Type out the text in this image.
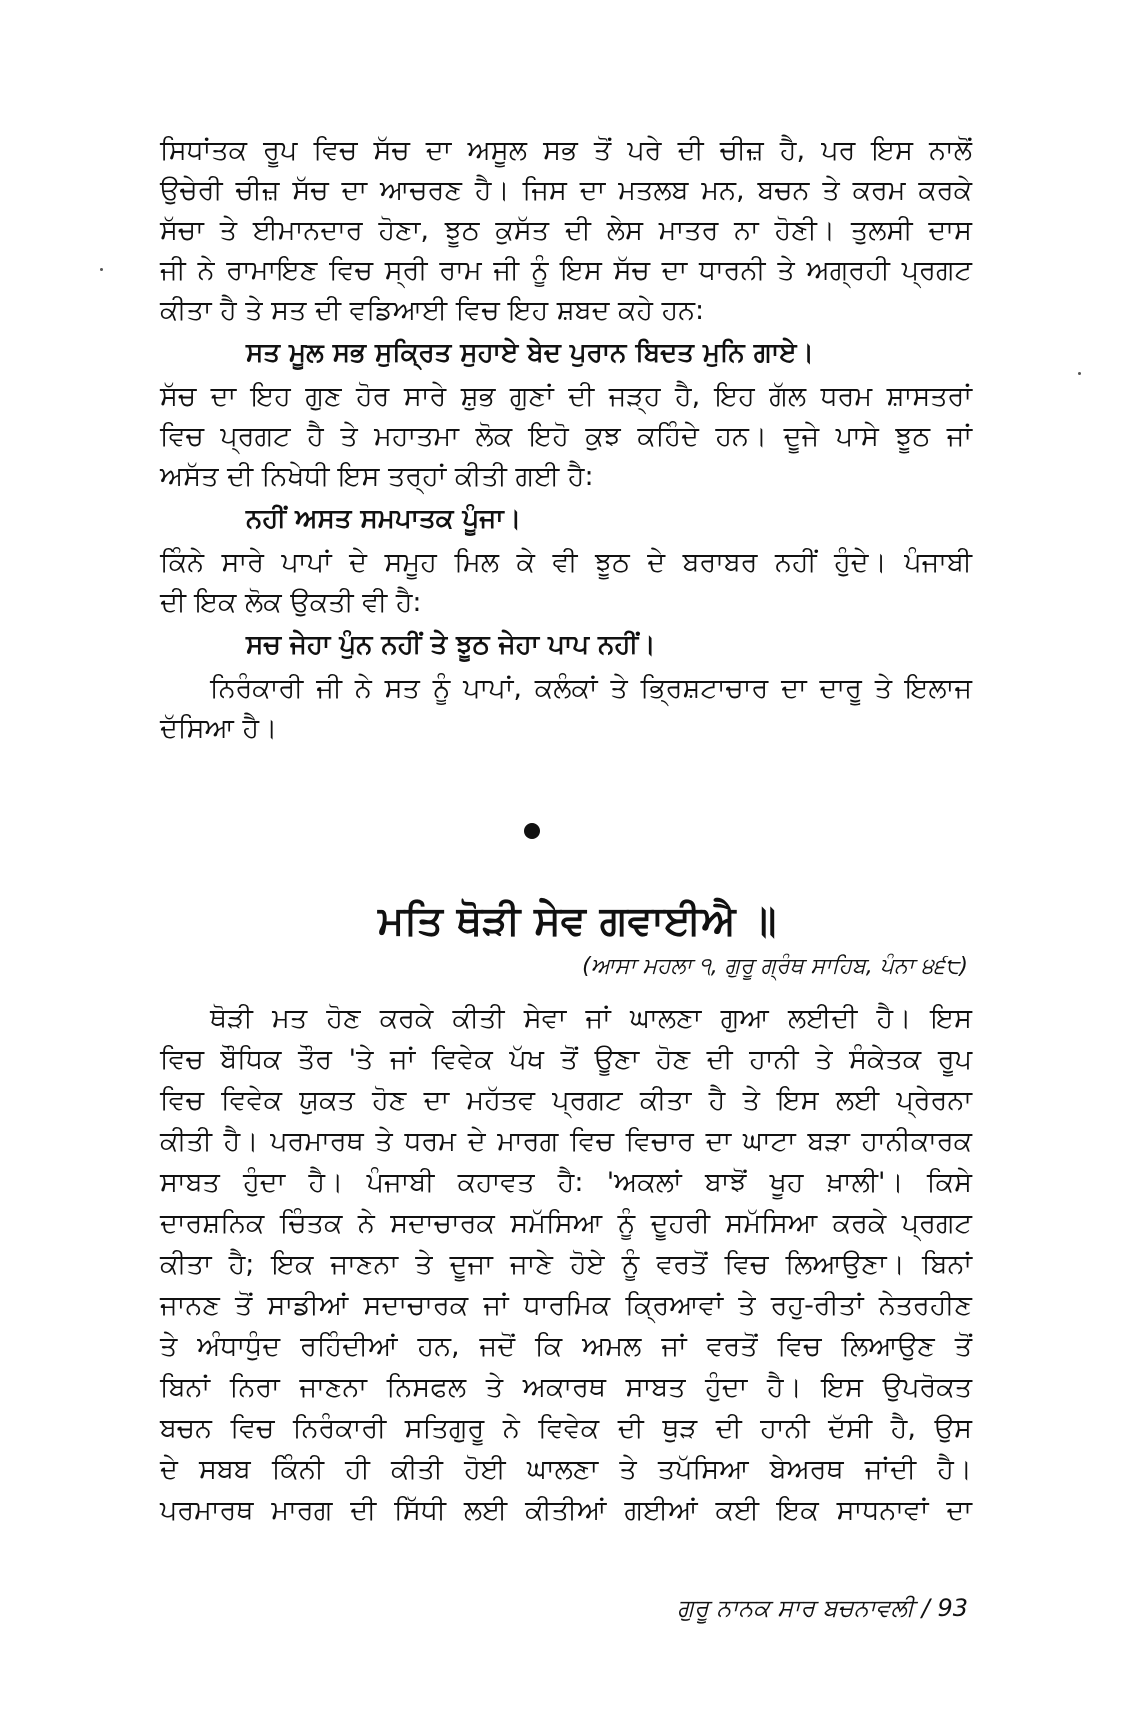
ਸਿਧਾਂਤਕ ਰੂਪ ਵਿਚ ਸੱਚ ਦਾ ਅਸੂਲ ਸਭ ਤੋਂ ਪਰੇ ਦੀ ਚੀਜ਼ ਹੈ, ਪਰ ਇਸ ਨਾਲੋਂ
ਉਚੇਰੀ ਚੀਜ਼ ਸੱਚ ਦਾ ਆਚਰਣ ਹੈ। ਜਿਸ ਦਾ ਮਤਲਬ ਮਨ, ਬਚਨ ਤੇ ਕਰਮ ਕਰਕੇ
ਸੱਚਾ ਤੇ ਈਮਾਨਦਾਰ ਹੋਣਾ, ਝੂਠ ਕੁਸੱਤ ਦੀ ਲੇਸ ਮਾਤਰ ਨਾ ਹੋਣੀ। ਤੁਲਸੀ ਦਾਸ
ਜੀ ਨੇ ਰਾਮਾਇਣ ਵਿਚ ਸ੍ਰੀ ਰਾਮ ਜੀ ਨੂੰ ਇਸ ਸੱਚ ਦਾ ਧਾਰਨੀ ਤੇ ਅਗ੍ਰਹੀ ਪ੍ਰਗਟ
ਕੀਤਾ ਹੈ ਤੇ ਸਤ ਦੀ ਵਡਿਆਈ ਵਿਚ ਇਹ ਸ਼ਬਦ ਕਹੇ ਹਨ:
ਸਤ ਮੂਲ ਸਭ ਸੁਕ੍ਰਿਤ ਸੁਹਾਏ ਬੇਦ ਪੁਰਾਨ ਬਿਦਤ ਮੁਨਿ ਗਾਏ।
ਸੱਚ ਦਾ ਇਹ ਗੁਣ ਹੋਰ ਸਾਰੇ ਸ਼ੁਭ ਗੁਣਾਂ ਦੀ ਜੜ੍ਹ ਹੈ, ਇਹ ਗੱਲ ਧਰਮ ਸ਼ਾਸਤਰਾਂ
ਵਿਚ ਪ੍ਰਗਟ ਹੈ ਤੇ ਮਹਾਤਮਾ ਲੋਕ ਇਹੋ ਕੁਝ ਕਹਿੰਦੇ ਹਨ। ਦੂਜੇ ਪਾਸੇ ਝੂਠ ਜਾਂ
ਅਸੱਤ ਦੀ ਨਿਖੇਧੀ ਇਸ ਤਰ੍ਹਾਂ ਕੀਤੀ ਗਈ ਹੈ:
ਨਹੀਂ ਅਸਤ ਸਮਪਾਤਕ ਪੂੰਜਾ।
ਕਿੰਨੇ ਸਾਰੇ ਪਾਪਾਂ ਦੇ ਸਮੂਹ ਮਿਲ ਕੇ ਵੀ ਝੂਠ ਦੇ ਬਰਾਬਰ ਨਹੀਂ ਹੁੰਦੇ। ਪੰਜਾਬੀ
ਦੀ ਇਕ ਲੋਕ ਉਕਤੀ ਵੀ ਹੈ:
ਸਚ ਜੇਹਾ ਪੁੰਨ ਨਹੀਂ ਤੇ ਝੂਠ ਜੇਹਾ ਪਾਪ ਨਹੀਂ।
ਨਿਰੰਕਾਰੀ ਜੀ ਨੇ ਸਤ ਨੂੰ ਪਾਪਾਂ, ਕਲੰਕਾਂ ਤੇ ਭ੍ਰਿਸ਼ਟਾਚਾਰ ਦਾ ਦਾਰੂ ਤੇ ਇਲਾਜ
ਦੱਸਿਆ ਹੈ।
ਮਤਿ ਥੋੜੀ ਸੇਵ ਗਵਾਈਐ ॥
(ਆਸਾ ਮਹਲਾ ੧, ਗੁਰੂ ਗ੍ਰੰਥ ਸਾਹਿਬ, ਪੰਨਾ ੪੬੮)
ਥੋੜੀ ਮਤ ਹੋਣ ਕਰਕੇ ਕੀਤੀ ਸੇਵਾ ਜਾਂ ਘਾਲਣਾ ਗੁਆ ਲਈਦੀ ਹੈ। ਇਸ
ਵਿਚ ਬੌਧਿਕ ਤੌਰ 'ਤੇ ਜਾਂ ਵਿਵੇਕ ਪੱਖ ਤੋਂ ਊਣਾ ਹੋਣ ਦੀ ਹਾਨੀ ਤੇ ਸੰਕੇਤਕ ਰੂਪ
ਵਿਚ ਵਿਵੇਕ ਯੁਕਤ ਹੋਣ ਦਾ ਮਹੱਤਵ ਪ੍ਰਗਟ ਕੀਤਾ ਹੈ ਤੇ ਇਸ ਲਈ ਪ੍ਰੇਰਨਾ
ਕੀਤੀ ਹੈ। ਪਰਮਾਰਥ ਤੇ ਧਰਮ ਦੇ ਮਾਰਗ ਵਿਚ ਵਿਚਾਰ ਦਾ ਘਾਟਾ ਬੜਾ ਹਾਨੀਕਾਰਕ
ਸਾਬਤ ਹੁੰਦਾ ਹੈ। ਪੰਜਾਬੀ ਕਹਾਵਤ ਹੈ: 'ਅਕਲਾਂ ਬਾਝੋਂ ਖੂਹ ਖ਼ਾਲੀ'। ਕਿਸੇ
ਦਾਰਸ਼ਨਿਕ ਚਿੰਤਕ ਨੇ ਸਦਾਚਾਰਕ ਸਮੱਸਿਆ ਨੂੰ ਦੂਹਰੀ ਸਮੱਸਿਆ ਕਰਕੇ ਪ੍ਰਗਟ
ਕੀਤਾ ਹੈ; ਇਕ ਜਾਣਨਾ ਤੇ ਦੂਜਾ ਜਾਣੇ ਹੋਏ ਨੂੰ ਵਰਤੋਂ ਵਿਚ ਲਿਆਉਣਾ। ਬਿਨਾਂ
ਜਾਨਣ ਤੋਂ ਸਾਡੀਆਂ ਸਦਾਚਾਰਕ ਜਾਂ ਧਾਰਮਿਕ ਕ੍ਰਿਆਵਾਂ ਤੇ ਰਹੁ-ਰੀਤਾਂ ਨੇਤਰਹੀਣ
ਤੇ ਅੰਧਾਧੁੰਦ ਰਹਿੰਦੀਆਂ ਹਨ, ਜਦੋਂ ਕਿ ਅਮਲ ਜਾਂ ਵਰਤੋਂ ਵਿਚ ਲਿਆਉਣ ਤੋਂ
ਬਿਨਾਂ ਨਿਰਾ ਜਾਣਨਾ ਨਿਸਫਲ ਤੇ ਅਕਾਰਥ ਸਾਬਤ ਹੁੰਦਾ ਹੈ। ਇਸ ਉਪਰੋਕਤ
ਬਚਨ ਵਿਚ ਨਿਰੰਕਾਰੀ ਸਤਿਗੁਰੂ ਨੇ ਵਿਵੇਕ ਦੀ ਥੁੜ ਦੀ ਹਾਨੀ ਦੱਸੀ ਹੈ, ਉਸ
ਦੇ ਸਬਬ ਕਿੰਨੀ ਹੀ ਕੀਤੀ ਹੋਈ ਘਾਲਣਾ ਤੇ ਤਪੱਸਿਆ ਬੇਅਰਥ ਜਾਂਦੀ ਹੈ।
ਪਰਮਾਰਥ ਮਾਰਗ ਦੀ ਸਿੱਧੀ ਲਈ ਕੀਤੀਆਂ ਗਈਆਂ ਕਈ ਇਕ ਸਾਧਨਾਵਾਂ ਦਾ
ਗੁਰੂ ਨਾਨਕ ਸਾਰ ਬਚਨਾਵਲੀ / 93
